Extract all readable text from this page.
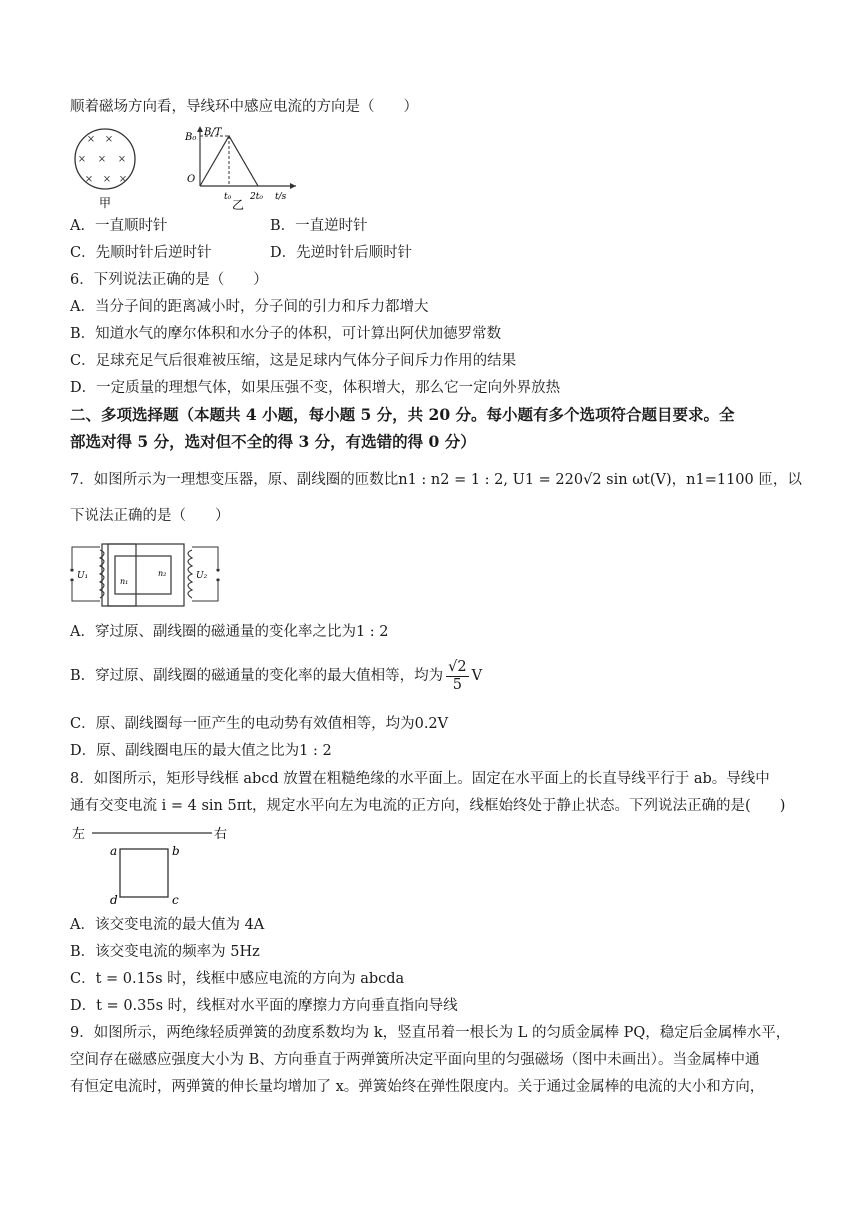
顺着磁场方向看，导线环中感应电流的方向是（　　）
× ×
× × ×
× × ×
甲
B/T
B₀
O
t₀ 2t₀ t/s
乙
A．一直顺时针	B．一直逆时针
C．先顺时针后逆时针	D．先逆时针后顺时针
6．下列说法正确的是（　　）
A．当分子间的距离减小时，分子间的引力和斥力都增大
B．知道水气的摩尔体积和水分子的体积，可计算出阿伏加德罗常数
C．足球充足气后很难被压缩，这是足球内气体分子间斥力作用的结果
D．一定质量的理想气体，如果压强不变，体积增大，那么它一定向外界放热
二、多项选择题（本题共 4 小题，每小题 5 分，共 20 分。每小题有多个选项符合题目要求。全
部选对得 5 分，选对但不全的得 3 分，有选错的得 0 分）
7．如图所示为一理想变压器，原、副线圈的匝数比n1 : n2 = 1 : 2, U1 = 220√2 sin ωt(V)，n1=1100 匝，以
下说法正确的是（　　）
U₁	U₂
n₁
n₂
A．穿过原、副线圈的磁通量的变化率之比为1 : 2
B．穿过原、副线圈的磁通量的变化率的最大值相等，均为 $\frac{√2}{5}$ V
C．原、副线圈每一匝产生的电动势有效值相等，均为0.2V
D．原、副线圈电压的最大值之比为1 : 2
8．如图所示，矩形导线框 abcd 放置在粗糙绝缘的水平面上。固定在水平面上的长直导线平行于 ab。导线中
通有交变电流 i = 4 sin 5πt，规定水平向左为电流的正方向，线框始终处于静止状态。下列说法正确的是(　　)
左	右
a	b
c
d
A．该交变电流的最大值为 4A
B．该交变电流的频率为 5Hz
C．t = 0.15s 时，线框中感应电流的方向为 abcda
D．t = 0.35s 时，线框对水平面的摩擦力方向垂直指向导线
9．如图所示，两绝缘轻质弹簧的劲度系数均为 k，竖直吊着一根长为 L 的匀质金属棒 PQ，稳定后金属棒水平，
空间存在磁感应强度大小为 B、方向垂直于两弹簧所决定平面向里的匀强磁场（图中未画出）。当金属棒中通
有恒定电流时，两弹簧的伸长量均增加了 x。弹簧始终在弹性限度内。关于通过金属棒的电流的大小和方向，
